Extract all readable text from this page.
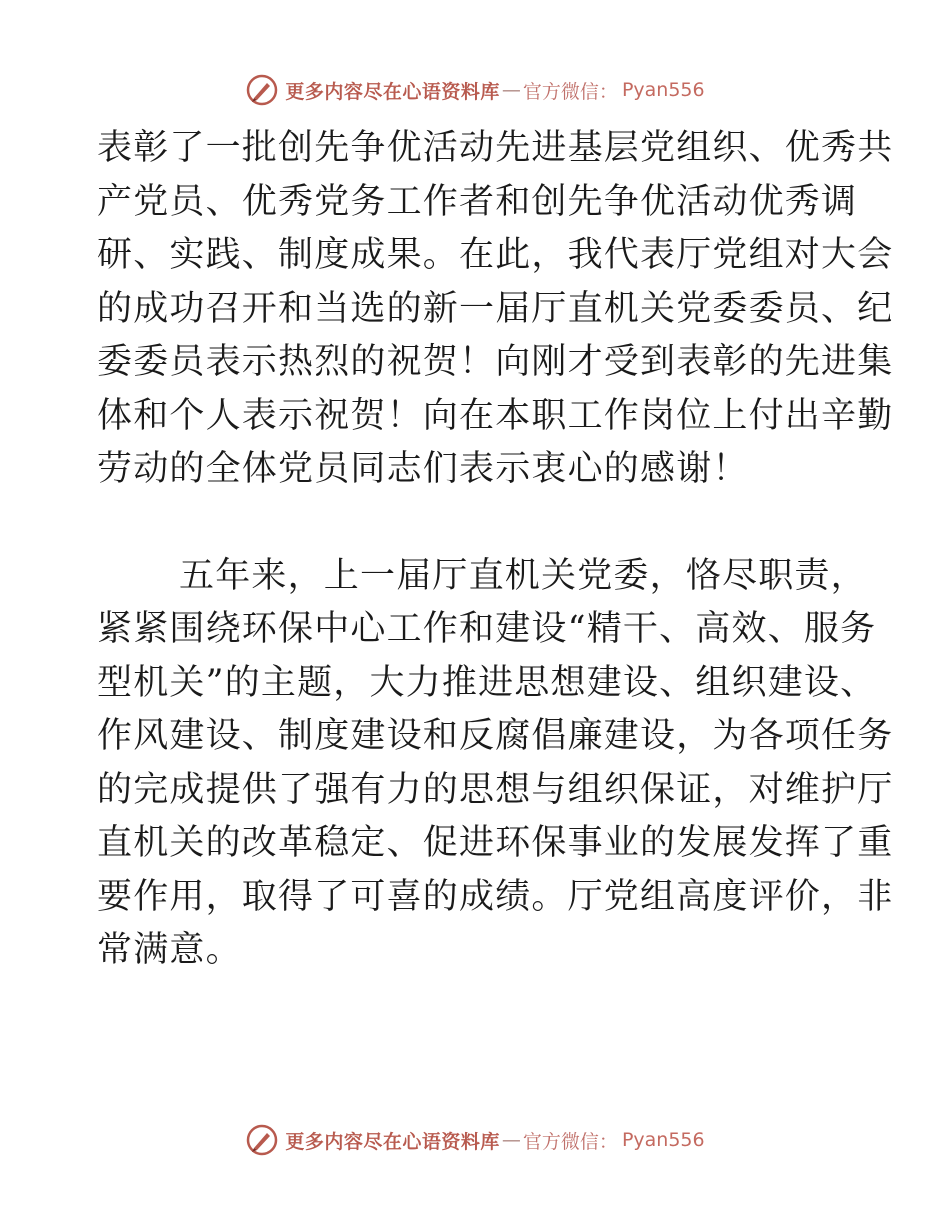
更多内容尽在心语资料库 — 官方微信： Pyan556
表彰了一批创先争优活动先进基层党组织、优秀共
产党员、优秀党务工作者和创先争优活动优秀调
研、实践、制度成果。在此，我代表厅党组对大会
的成功召开和当选的新一届厅直机关党委委员、纪
委委员表示热烈的祝贺！向刚才受到表彰的先进集
体和个人表示祝贺！向在本职工作岗位上付出辛勤
劳动的全体党员同志们表示衷心的感谢！
五年来，上一届厅直机关党委，恪尽职责，
紧紧围绕环保中心工作和建设“精干、高效、服务
型机关”的主题，大力推进思想建设、组织建设、
作风建设、制度建设和反腐倡廉建设，为各项任务
的完成提供了强有力的思想与组织保证，对维护厅
直机关的改革稳定、促进环保事业的发展发挥了重
要作用，取得了可喜的成绩。厅党组高度评价，非
常满意。
更多内容尽在心语资料库 — 官方微信： Pyan556
